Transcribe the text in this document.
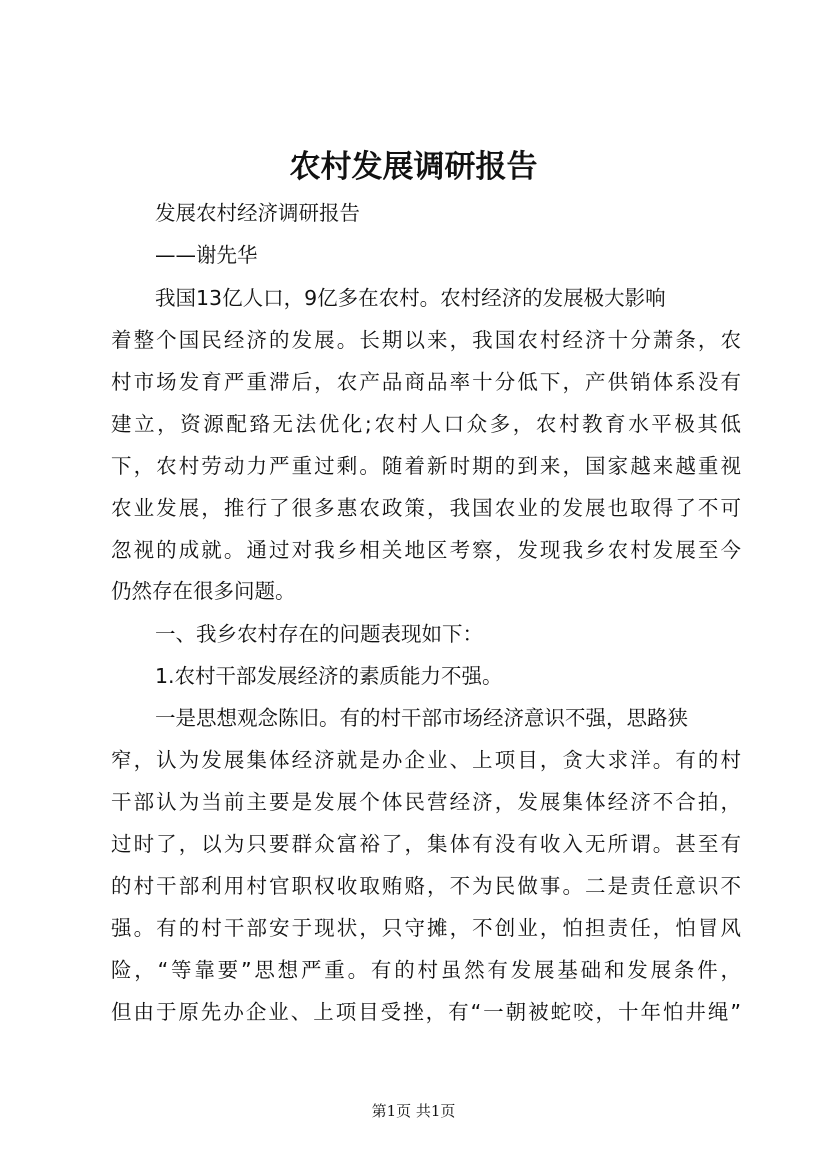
农村发展调研报告

发展农村经济调研报告

——谢先华

我国13亿人口，9亿多在农村。农村经济的发展极大影响

着整个国民经济的发展。长期以来，我国农村经济十分萧条，农

村市场发育严重滞后，农产品商品率十分低下，产供销体系没有

建立，资源配臵无法优化;农村人口众多，农村教育水平极其低

下，农村劳动力严重过剩。随着新时期的到来，国家越来越重视

农业发展，推行了很多惠农政策，我国农业的发展也取得了不可

忽视的成就。通过对我乡相关地区考察，发现我乡农村发展至今

仍然存在很多问题。

一、我乡农村存在的问题表现如下：

1.农村干部发展经济的素质能力不强。

一是思想观念陈旧。有的村干部市场经济意识不强，思路狭

窄，认为发展集体经济就是办企业、上项目，贪大求洋。有的村

干部认为当前主要是发展个体民营经济，发展集体经济不合拍，

过时了，以为只要群众富裕了，集体有没有收入无所谓。甚至有

的村干部利用村官职权收取贿赂，不为民做事。二是责任意识不

强。有的村干部安于现状，只守摊，不创业，怕担责任，怕冒风

险，“等靠要”思想严重。有的村虽然有发展基础和发展条件，

但由于原先办企业、上项目受挫，有“一朝被蛇咬，十年怕井绳”

第1页 共1页
